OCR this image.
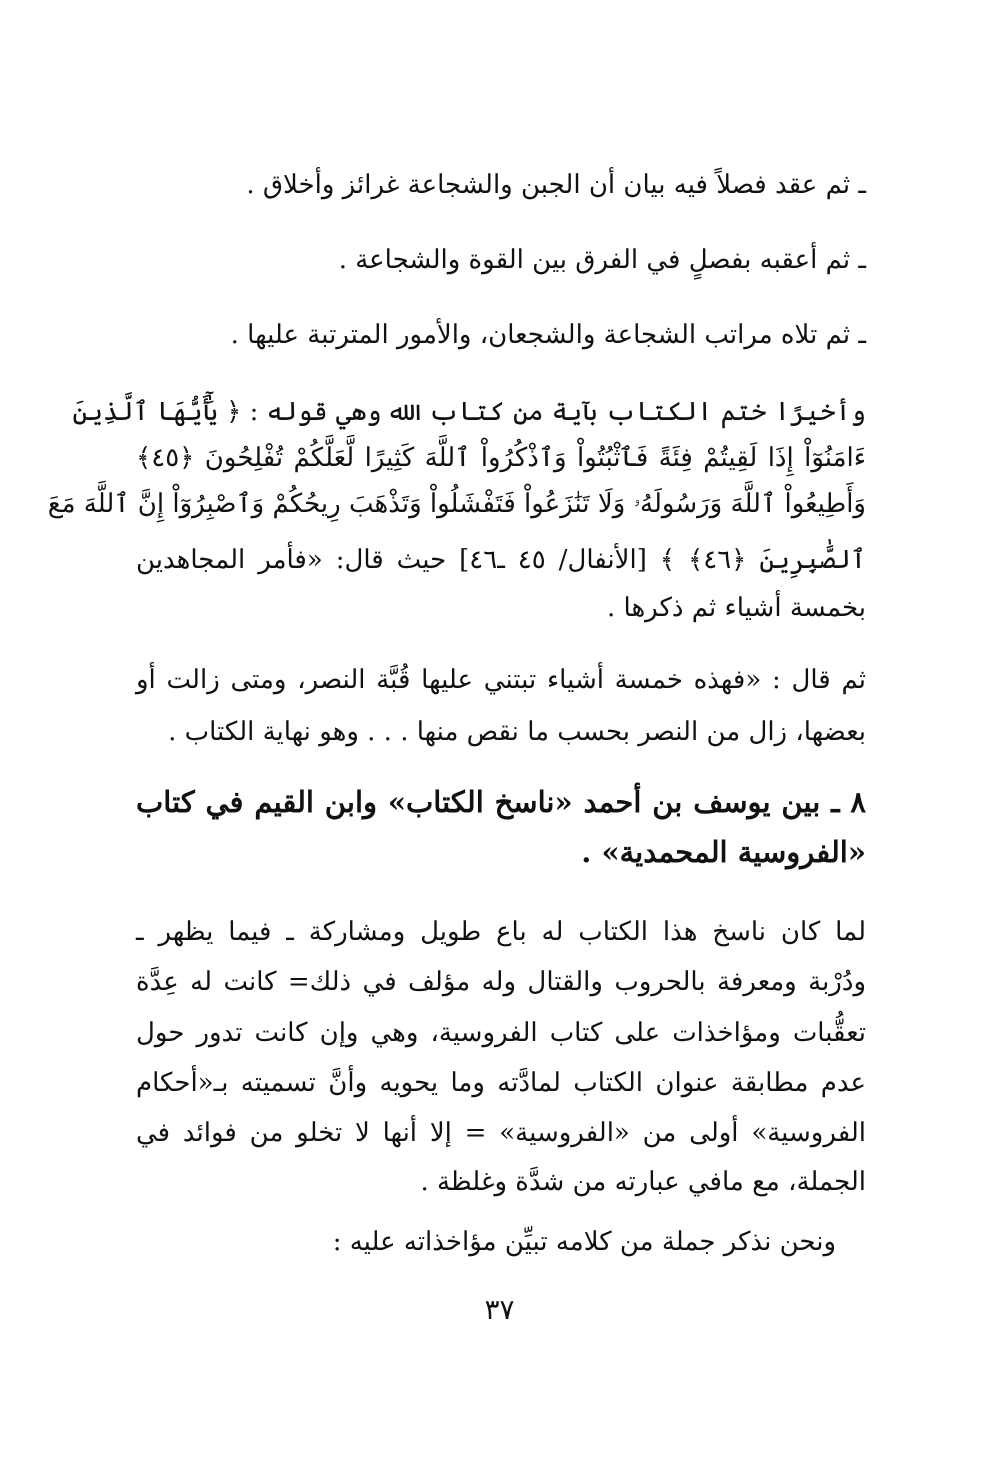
ـ ثم عقد فصلاً فيه بيان أن الجبن والشجاعة غرائز وأخلاق .
ـ ثم أعقبه بفصلٍ في الفرق بين القوة والشجاعة .
ـ ثم تلاه مراتب الشجاعة والشجعان، والأمور المترتبة عليها .
وأخيرًا ختم الكتاب بآية من كتاب الله وهي قوله : ﴿ يَٰٓأَيُّهَا ٱلَّذِينَ
ءَامَنُوٓاْ إِذَا لَقِيتُمْ فِئَةً فَٱثْبُتُواْ وَٱذْكُرُواْ ٱللَّهَ كَثِيرًا لَّعَلَّكُمْ تُفْلِحُونَ ﴿٤٥﴾
وَأَطِيعُواْ ٱللَّهَ وَرَسُولَهُۥ وَلَا تَنَٰزَعُواْ فَتَفْشَلُواْ وَتَذْهَبَ رِيحُكُمْ وَٱصْبِرُوٓاْ إِنَّ ٱللَّهَ مَعَ
ٱلصَّٰبِرِينَ ﴿٤٦﴾ ﴾ [الأنفال/ ٤٥ ـ٤٦] حيث قال: «فأمر المجاهدين
بخمسة أشياء ثم ذكرها .
ثم قال : «فهذه خمسة أشياء تبتني عليها قُبَّة النصر، ومتى زالت أو
بعضها، زال من النصر بحسب ما نقص منها . . . وهو نهاية الكتاب .
٨ ـ بين يوسف بن أحمد «ناسخ الكتاب» وابن القيم في كتاب
«الفروسية المحمدية» .
لما كان ناسخ هذا الكتاب له باع طويل ومشاركة ـ فيما يظهر ـ
ودُرْبة ومعرفة بالحروب والقتال وله مؤلف في ذلك= كانت له عِدَّة
تعقُّبات ومؤاخذات على كتاب الفروسية، وهي وإن كانت تدور حول
عدم مطابقة عنوان الكتاب لمادَّته وما يحويه وأنَّ تسميته بـ«أحكام
الفروسية» أولى من «الفروسية» = إلا أنها لا تخلو من فوائد في
الجملة، مع مافي عبارته من شدَّة وغلظة .
ونحن نذكر جملة من كلامه تبيِّن مؤاخذاته عليه :
٣٧
